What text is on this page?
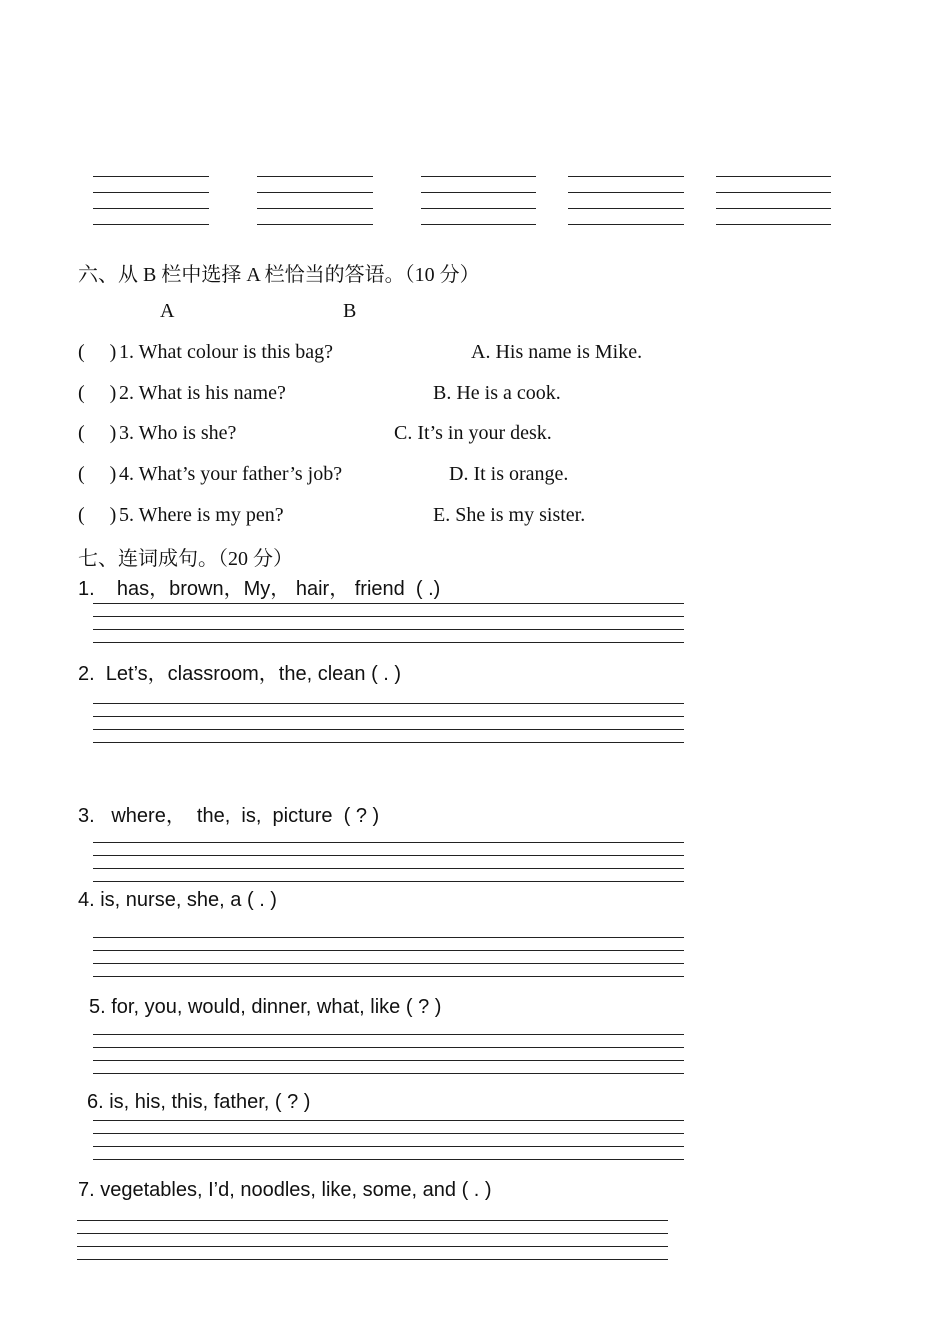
六、从 B 栏中选择 A 栏恰当的答语。（10 分）
A	B
(     ) 1. What colour is this bag?	A. His name is Mike.
(     ) 2. What is his name?	B. He is a cook.
(     ) 3. Who is she?	C. It’s in your desk.
(     ) 4. What’s your father’s job?	D. It is orange.
(     ) 5. Where is my pen?	E. She is my sister.
七、连词成句。（20 分）
1.    has，brown，My， hair， friend  ( .)
2.  Let’s，classroom，the, clean ( . )
3.   where，  the,  is,  picture  ( ? )
4. is, nurse, she, a ( . )
5. for, you, would, dinner, what, like ( ? )
6. is, his, this, father, ( ? )
7. vegetables, I’d, noodles, like, some, and ( . )
